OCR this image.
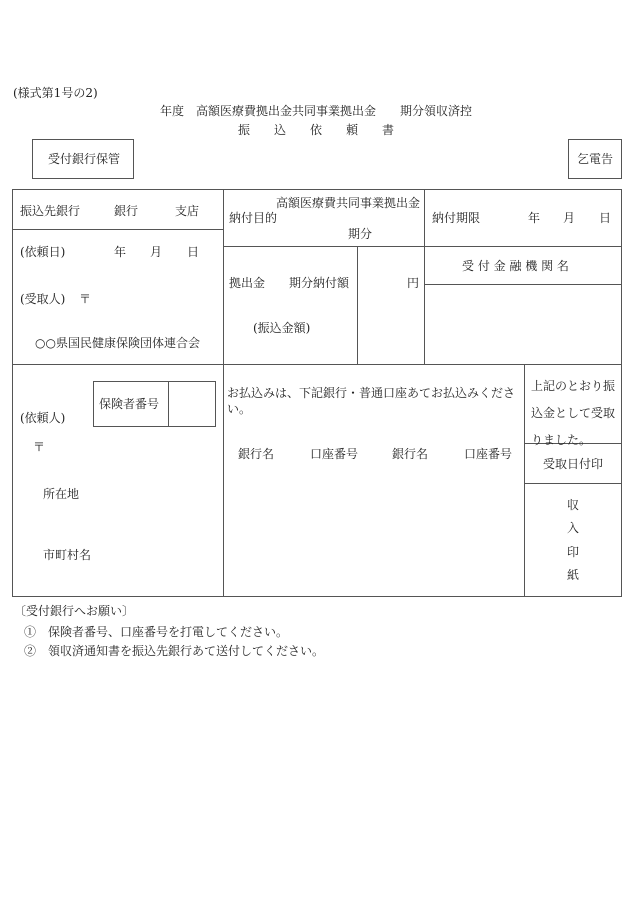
(様式第1号の2)
年度　高額医療費拠出金共同事業拠出金　　期分領収済控
振　　込　　依　　頼　　書
受付銀行保管	乞電告
振込先銀行	銀行	支店
高額医療費共同事業拠出金
納付目的
期分
納付期限	年 月 日
(依頼日)	年 月 日
(受取人) 〒
○○県国民健康保険団体連合会
拠出金 期分納付額
(振込金額)
円
受 付 金 融 機 関 名
(依頼人)
保険者番号
〒
所在地
市町村名
お払込みは、下記銀行・普通口座あてお払込みください。
銀行名	口座番号	銀行名	口座番号
上記のとおり振込金として受取りました。
受取日付印
収
入
印
紙
〔受付銀行へお願い〕
①　保険者番号、口座番号を打電してください。
②　領収済通知書を振込先銀行あて送付してください。
